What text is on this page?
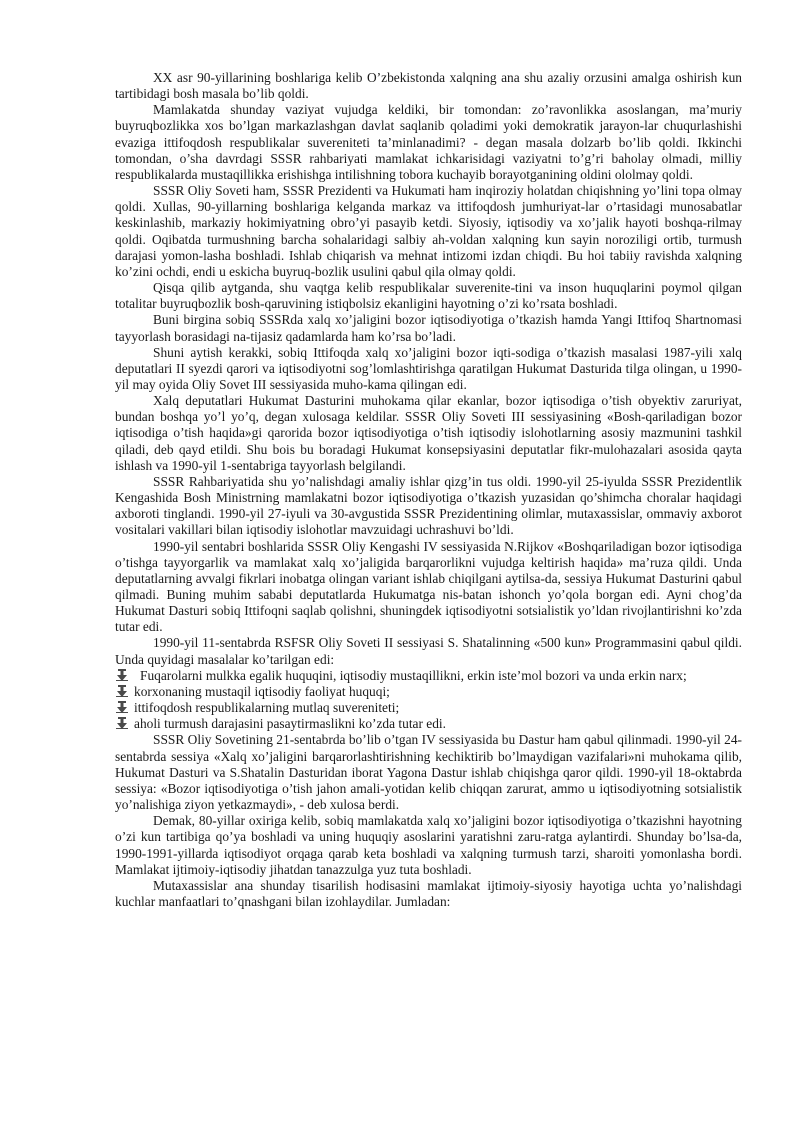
XX asr 90-yillarining boshlariga kelib O’zbekistonda xalqning ana shu azaliy orzusini amalga oshirish kun tartibidagi bosh masala bo’lib qoldi.

Mamlakatda shunday vaziyat vujudga keldiki, bir tomondan: zo’ravonlikka asoslangan, ma’muriy buyruqbozlikka xos bo’lgan markazlashgan davlat saqlanib qoladimi yoki demokratik jarayon-lar chuqurlashishi evaziga ittifoqdosh respublikalar suvereniteti ta’minlanadimi? - degan masala dolzarb bo’lib qoldi. Ikkinchi tomondan, o’sha davrdagi SSSR rahbariyati mamlakat ichkarisidagi vaziyatni to’g’ri baholay olmadi, milliy respublikalarda mustaqillikka erishishga intilishning tobora kuchayib borayotganining oldini ololmay qoldi.

SSSR Oliy Soveti ham, SSSR Prezidenti va Hukumati ham inqiroziy holatdan chiqishning yo’lini topa olmay qoldi. Xullas, 90-yillarning boshlariga kelganda markaz va ittifoqdosh jumhuriyat-lar o’rtasidagi munosabatlar keskinlashib, markaziy hokimiyatning obro’yi pasayib ketdi. Siyosiy, iqtisodiy va xo’jalik hayoti boshqa-rilmay qoldi. Oqibatda turmushning barcha sohalaridagi salbiy ah-voldan xalqning kun sayin noroziligi ortib, turmush darajasi yomon-lasha boshladi. Ishlab chiqarish va mehnat intizomi izdan chiqdi. Bu hoi tabiiy ravishda xalqning ko’zini ochdi, endi u eskicha buyruq-bozlik usulini qabul qila olmay qoldi.

Qisqa qilib aytganda, shu vaqtga kelib respublikalar suverenite-tini va inson huquqlarini poymol qilgan totalitar buyruqbozlik bosh-qaruvining istiqbolsiz ekanligini hayotning o’zi ko’rsata boshladi.

Buni birgina sobiq SSSRda xalq xo’jaligini bozor iqtisodiyotiga o’tkazish hamda Yangi Ittifoq Shartnomasi tayyorlash borasidagi na-tijasiz qadamlarda ham ko’rsa bo’ladi.

Shuni aytish kerakki, sobiq Ittifoqda xalq xo’jaligini bozor iqti-sodiga o’tkazish masalasi 1987-yili xalq deputatlari II syezdi qarori va iqtisodiyotni sog’lomlashtirishga qaratilgan Hukumat Dasturida tilga olingan, u 1990-yil may oyida Oliy Sovet III sessiyasida muho-kama qilingan edi.

Xalq deputatlari Hukumat Dasturini muhokama qilar ekanlar, bozor iqtisodiga o’tish obyektiv zaruriyat, bundan boshqa yo’l yo’q, degan xulosaga keldilar. SSSR Oliy Soveti III sessiyasining «Bosh-qariladigan bozor iqtisodiga o’tish haqida»gi qarorida bozor iqtisodiyotiga o’tish iqtisodiy islohotlarning asosiy mazmunini tashkil qiladi, deb qayd etildi. Shu bois bu boradagi Hukumat konsepsiyasini deputatlar fikr-mulohazalari asosida qayta ishlash va 1990-yil 1-sentabriga tayyorlash belgilandi.

SSSR Rahbariyatida shu yo’nalishdagi amaliy ishlar qizg’in tus oldi. 1990-yil 25-iyulda SSSR Prezidentlik Kengashida Bosh Ministrning mamlakatni bozor iqtisodiyotiga o’tkazish yuzasidan qo’shimcha choralar haqidagi axboroti tinglandi. 1990-yil 27-iyuli va 30-avgustida SSSR Prezidentining olimlar, mutaxassislar, ommaviy axborot vositalari vakillari bilan iqtisodiy islohotlar mavzuidagi uchrashuvi bo’ldi.

1990-yil sentabri boshlarida SSSR Oliy Kengashi IV sessiyasida N.Rijkov «Boshqariladigan bozor iqtisodiga o’tishga tayyorgarlik va mamlakat xalq xo’jaligida barqarorlikni vujudga keltirish haqida» ma’ruza qildi. Unda deputatlarning avvalgi fikrlari inobatga olingan variant ishlab chiqilgani aytilsa-da, sessiya Hukumat Dasturini qabul qilmadi. Buning muhim sababi deputatlarda Hukumatga nis-batan ishonch yo’qola borgan edi. Ayni chog’da Hukumat Dasturi sobiq Ittifoqni saqlab qolishni, shuningdek iqtisodiyotni sotsialistik yo’ldan rivojlantirishni ko’zda tutar edi.

1990-yil 11-sentabrda RSFSR Oliy Soveti II sessiyasi S. Shatalinning «500 kun» Programmasini qabul qildi. Unda quyidagi masalalar ko’tarilgan edi:

Fuqarolarni mulkka egalik huquqini, iqtisodiy mustaqillikni, erkin iste’mol bozori va unda erkin narx;

korxonaning mustaqil iqtisodiy faoliyat huquqi;

ittifoqdosh respublikalarning mutlaq suvereniteti;

aholi turmush darajasini pasaytirmaslikni ko’zda tutar edi.

SSSR Oliy Sovetining 21-sentabrda bo’lib o’tgan IV sessiyasida bu Dastur ham qabul qilinmadi. 1990-yil 24-sentabrda sessiya «Xalq xo’jaligini barqarorlashtirishning kechiktirib bo’lmaydigan vazifalari»ni muhokama qilib, Hukumat Dasturi va S.Shatalin Dasturidan iborat Yagona Dastur ishlab chiqishga qaror qildi. 1990-yil 18-oktabrda sessiya: «Bozor iqtisodiyotiga o’tish jahon amali-yotidan kelib chiqqan zarurat, ammo u iqtisodiyotning sotsialistik yo’nalishiga ziyon yetkazmaydi», - deb xulosa berdi.

Demak, 80-yillar oxiriga kelib, sobiq mamlakatda xalq xo’jaligini bozor iqtisodiyotiga o’tkazishni hayotning o’zi kun tartibiga qo’ya boshladi va uning huquqiy asoslarini yaratishni zaru-ratga aylantirdi. Shunday bo’lsa-da, 1990-1991-yillarda iqtisodiyot orqaga qarab keta boshladi va xalqning turmush tarzi, sharoiti yomonlasha bordi. Mamlakat ijtimoiy-iqtisodiy jihatdan tanazzulga yuz tuta boshladi.

Mutaxassislar ana shunday tisarilish hodisasini mamlakat ijtimoiy-siyosiy hayotiga uchta yo’nalishdagi kuchlar manfaatlari to’qnashgani bilan izohlaydilar. Jumladan:
